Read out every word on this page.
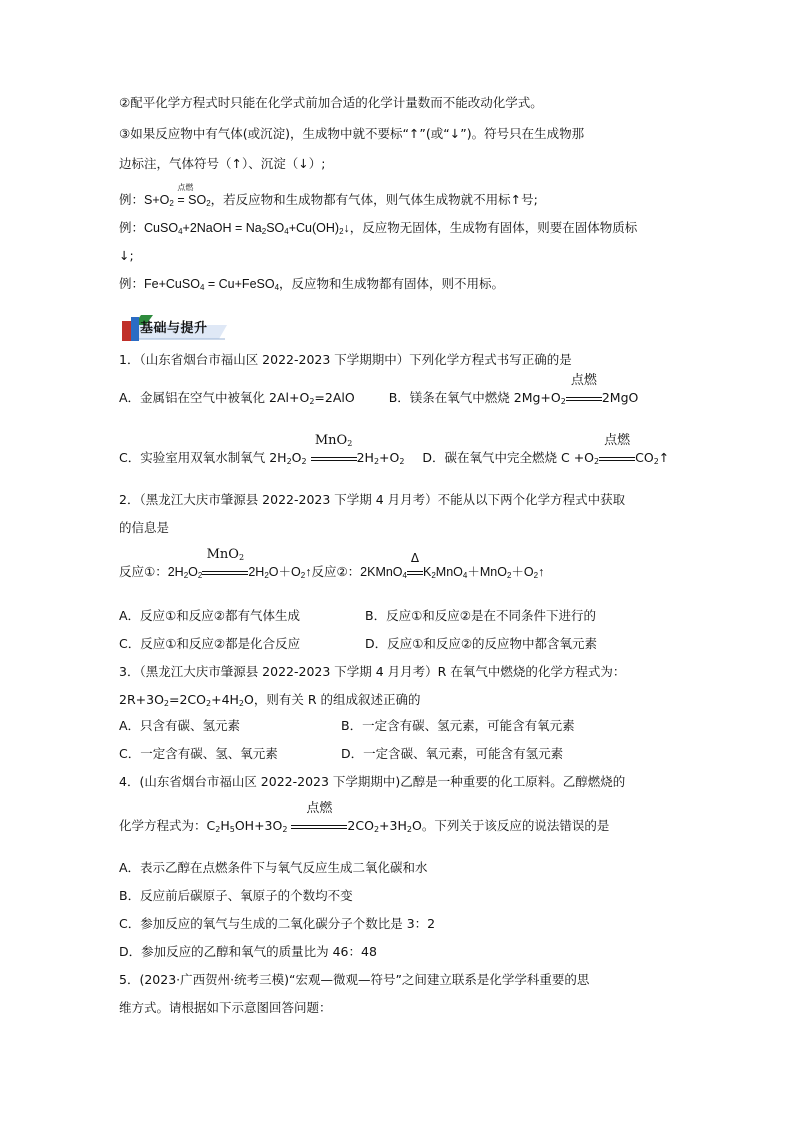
②配平化学方程式时只能在化学式前加合适的化学计量数而不能改动化学式。
③如果反应物中有气体(或沉淀)，生成物中就不要标“↑”(或“↓”)。符号只在生成物那
边标注，气体符号（↑）、沉淀（↓）;
例：$S+O_2$
点燃
= $SO_2$，若反应物和生成物都有气体，则气体生成物就不用标↑号;
例：CuSO$_4$+2NaOH = $Na_2SO_4+Cu(OH)_2↓$，反应物无固体，生成物有固体，则要在固体物质标
↓;
例：Fe+CuSO$_4$ = Cu+FeSO$_4$，反应物和生成物都有固体，则不用标。
基础与提升
1．（山东省烟台市福山区 2022-2023 下学期期中）下列化学方程式书写正确的是
A．金属铝在空气中被氧化 $2Al+O_2=2AlO$	B．镁条在氧气中燃烧 $2Mg+O_2$
点燃
2MgO
C．实验室用双氧水制氧气 $2H_2O_2$
MnO$_2$
$2H_2+O_2$ D．碳在氧气中完全燃烧 $C +O_2$
点燃
$CO_2↑$
2．（黑龙江大庆市肇源县 2022-2023 下学期 4 月月考）不能从以下两个化学方程式中获取
的信息是
反应①：$2H_2O_2$
MnO$_2$
$2H_2O+O_2↑$反应②：2KMnO$_4$
Δ
$K_2MnO_4+MnO_2+O_2↑$
A．反应①和反应②都有气体生成	B．反应①和反应②是在不同条件下进行的
C．反应①和反应②都是化合反应	D．反应①和反应②的反应物中都含氧元素
3．（黑龙江大庆市肇源县 2022-2023 下学期 4 月月考）R 在氧气中燃烧的化学方程式为：
$2R+3O_2=2CO_2+4H_2O$，则有关 R 的组成叙述正确的
A．只含有碳、氢元素	B．一定含有碳、氢元素，可能含有氧元素
C．一定含有碳、氢、氧元素	D．一定含碳、氧元素，可能含有氢元素
4．(山东省烟台市福山区 2022-2023 下学期期中)乙醇是一种重要的化工原料。乙醇燃烧的
化学方程式为：$C_2H_5OH+3O_2$
点燃
$2CO_2+3H_2O$。下列关于该反应的说法错误的是
A．表示乙醇在点燃条件下与氧气反应生成二氧化碳和水
B．反应前后碳原子、氧原子的个数均不变
C．参加反应的氧气与生成的二氧化碳分子个数比是 3：2
D．参加反应的乙醇和氧气的质量比为 46：48
5．(2023·广西贺州·统考三模)“宏观—微观—符号”之间建立联系是化学学科重要的思
维方式。请根据如下示意图回答问题：
